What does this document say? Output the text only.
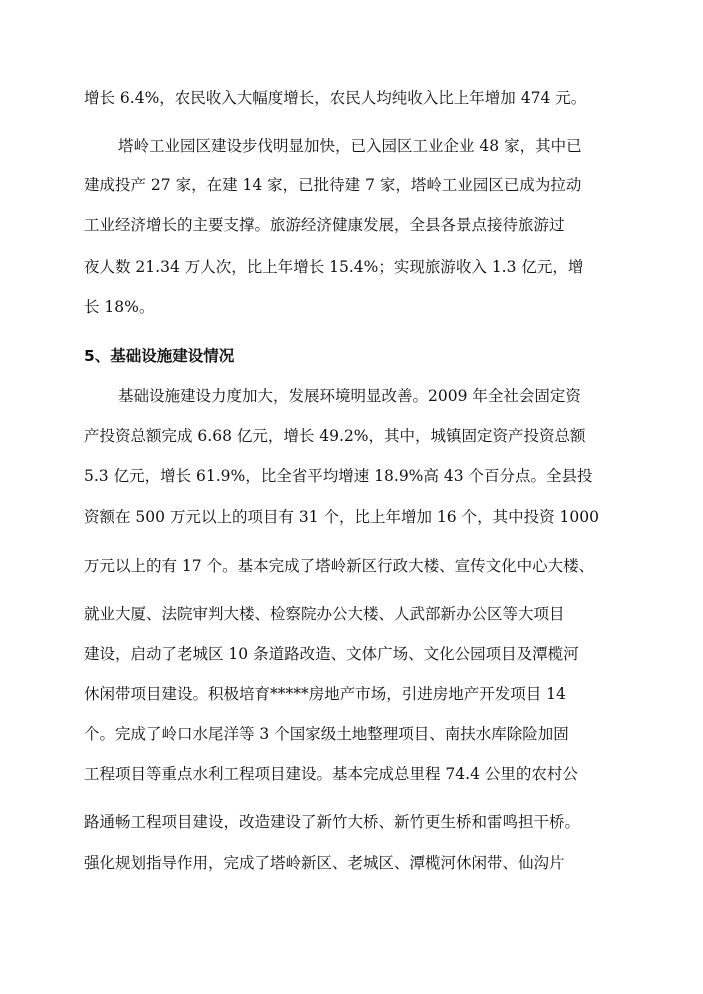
增长 6.4%，农民收入大幅度增长，农民人均纯收入比上年增加 474 元。
塔岭工业园区建设步伐明显加快，已入园区工业企业 48 家，其中已
建成投产 27 家，在建 14 家，已批待建 7 家，塔岭工业园区已成为拉动
工业经济增长的主要支撑。旅游经济健康发展，全县各景点接待旅游过
夜人数 21.34 万人次，比上年增长 15.4%；实现旅游收入 1.3 亿元，增
长 18%。
5、基础设施建设情况
基础设施建设力度加大，发展环境明显改善。2009 年全社会固定资
产投资总额完成 6.68 亿元，增长 49.2%，其中，城镇固定资产投资总额
5.3 亿元，增长 61.9%，比全省平均增速 18.9%高 43 个百分点。全县投
资额在 500 万元以上的项目有 31 个，比上年增加 16 个，其中投资 1000
万元以上的有 17 个。基本完成了塔岭新区行政大楼、宣传文化中心大楼、
就业大厦、法院审判大楼、检察院办公大楼、人武部新办公区等大项目
建设，启动了老城区 10 条道路改造、文体广场、文化公园项目及潭榄河
休闲带项目建设。积极培育*****房地产市场，引进房地产开发项目 14
个。完成了岭口水尾洋等 3 个国家级土地整理项目、南扶水库除险加固
工程项目等重点水利工程项目建设。基本完成总里程 74.4 公里的农村公
路通畅工程项目建设，改造建设了新竹大桥、新竹更生桥和雷鸣担干桥。
强化规划指导作用，完成了塔岭新区、老城区、潭榄河休闲带、仙沟片
